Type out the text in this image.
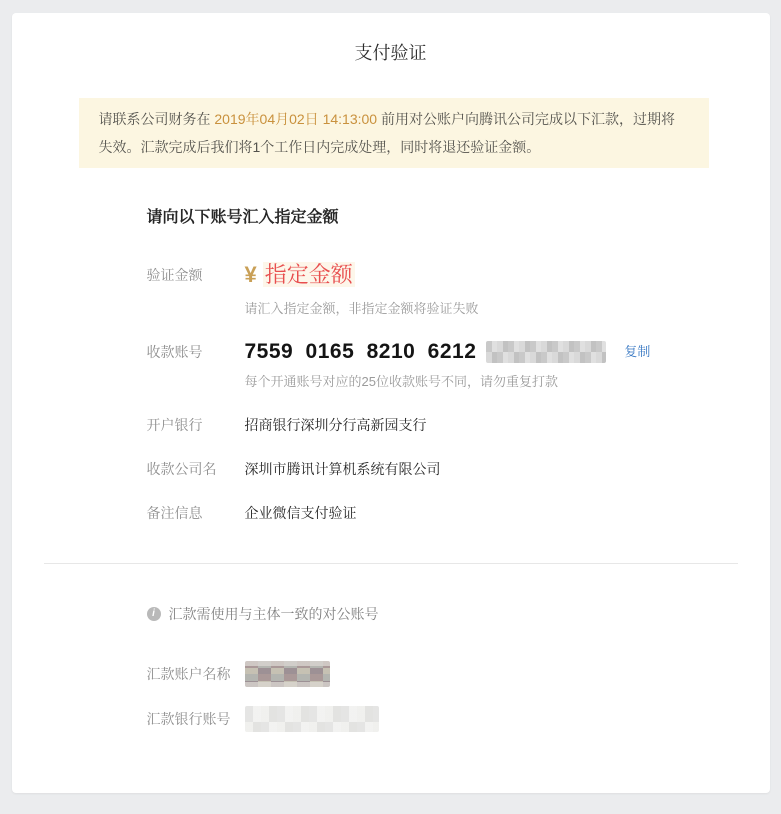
支付验证
请联系公司财务在 2019年04月02日 14:13:00 前用对公账户向腾讯公司完成以下汇款，过期将失效。汇款完成后我们将1个工作日内完成处理，同时将退还验证金额。
请向以下账号汇入指定金额
验证金额	¥ 指定金额
请汇入指定金额，非指定金额将验证失败
收款账号	7559 0165 8210 6212	复制
每个开通账号对应的25位收款账号不同，请勿重复打款
开户银行	招商银行深圳分行高新园支行
收款公司名	深圳市腾讯计算机系统有限公司
备注信息	企业微信支付验证
i 汇款需使用与主体一致的对公账号
汇款账户名称
汇款银行账号
